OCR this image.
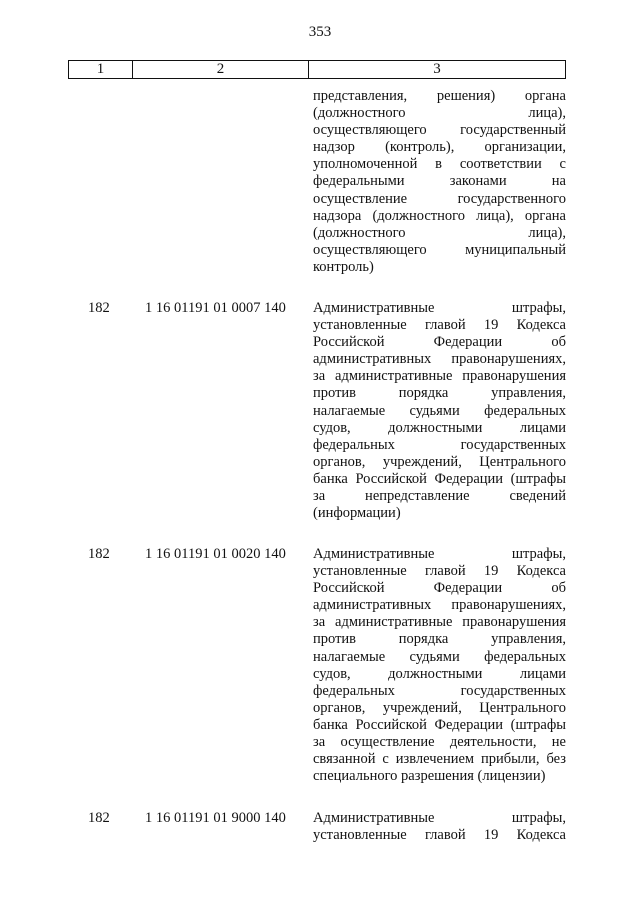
353
1	2	3
представления, решения) органа
(должностного лица),
осуществляющего государственный
надзор (контроль), организации,
уполномоченной в соответствии с
федеральными законами на
осуществление государственного
надзора (должностного лица), органа
(должностного лица),
осуществляющего муниципальный
контроль)
182	1 16 01191 01 0007 140	Административные штрафы,
установленные главой 19 Кодекса
Российской Федерации об
административных правонарушениях,
за административные правонарушения
против порядка управления,
налагаемые судьями федеральных
судов, должностными лицами
федеральных государственных
органов, учреждений, Центрального
банка Российской Федерации (штрафы
за непредставление сведений
(информации)
182	1 16 01191 01 0020 140	Административные штрафы,
установленные главой 19 Кодекса
Российской Федерации об
административных правонарушениях,
за административные правонарушения
против порядка управления,
налагаемые судьями федеральных
судов, должностными лицами
федеральных государственных
органов, учреждений, Центрального
банка Российской Федерации (штрафы
за осуществление деятельности, не
связанной с извлечением прибыли, без
специального разрешения (лицензии)
182	1 16 01191 01 9000 140	Административные штрафы,
установленные главой 19 Кодекса
